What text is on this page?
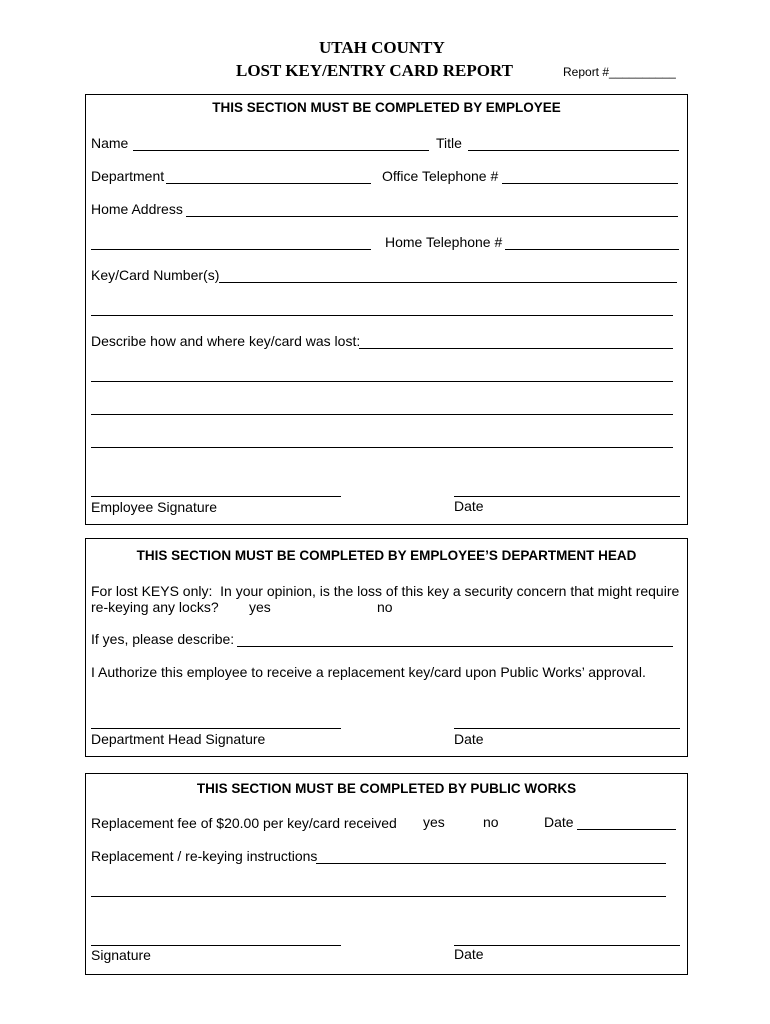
UTAH COUNTY
LOST KEY/ENTRY CARD REPORT	Report #__________
THIS SECTION MUST BE COMPLETED BY EMPLOYEE
Name	Title
Department	Office Telephone #
Home Address
Home Telephone #
Key/Card Number(s)
Describe how and where key/card was lost:
Employee Signature	Date
THIS SECTION MUST BE COMPLETED BY EMPLOYEE’S DEPARTMENT HEAD
For lost KEYS only:  In your opinion, is the loss of this key a security concern that might require
re-keying any locks? yes	no
If yes, please describe:
I Authorize this employee to receive a replacement key/card upon Public Works’ approval.
Department Head Signature	Date
THIS SECTION MUST BE COMPLETED BY PUBLIC WORKS
Replacement fee of $20.00 per key/card received yes	no	Date
Replacement / re-keying instructions
Signature	Date
